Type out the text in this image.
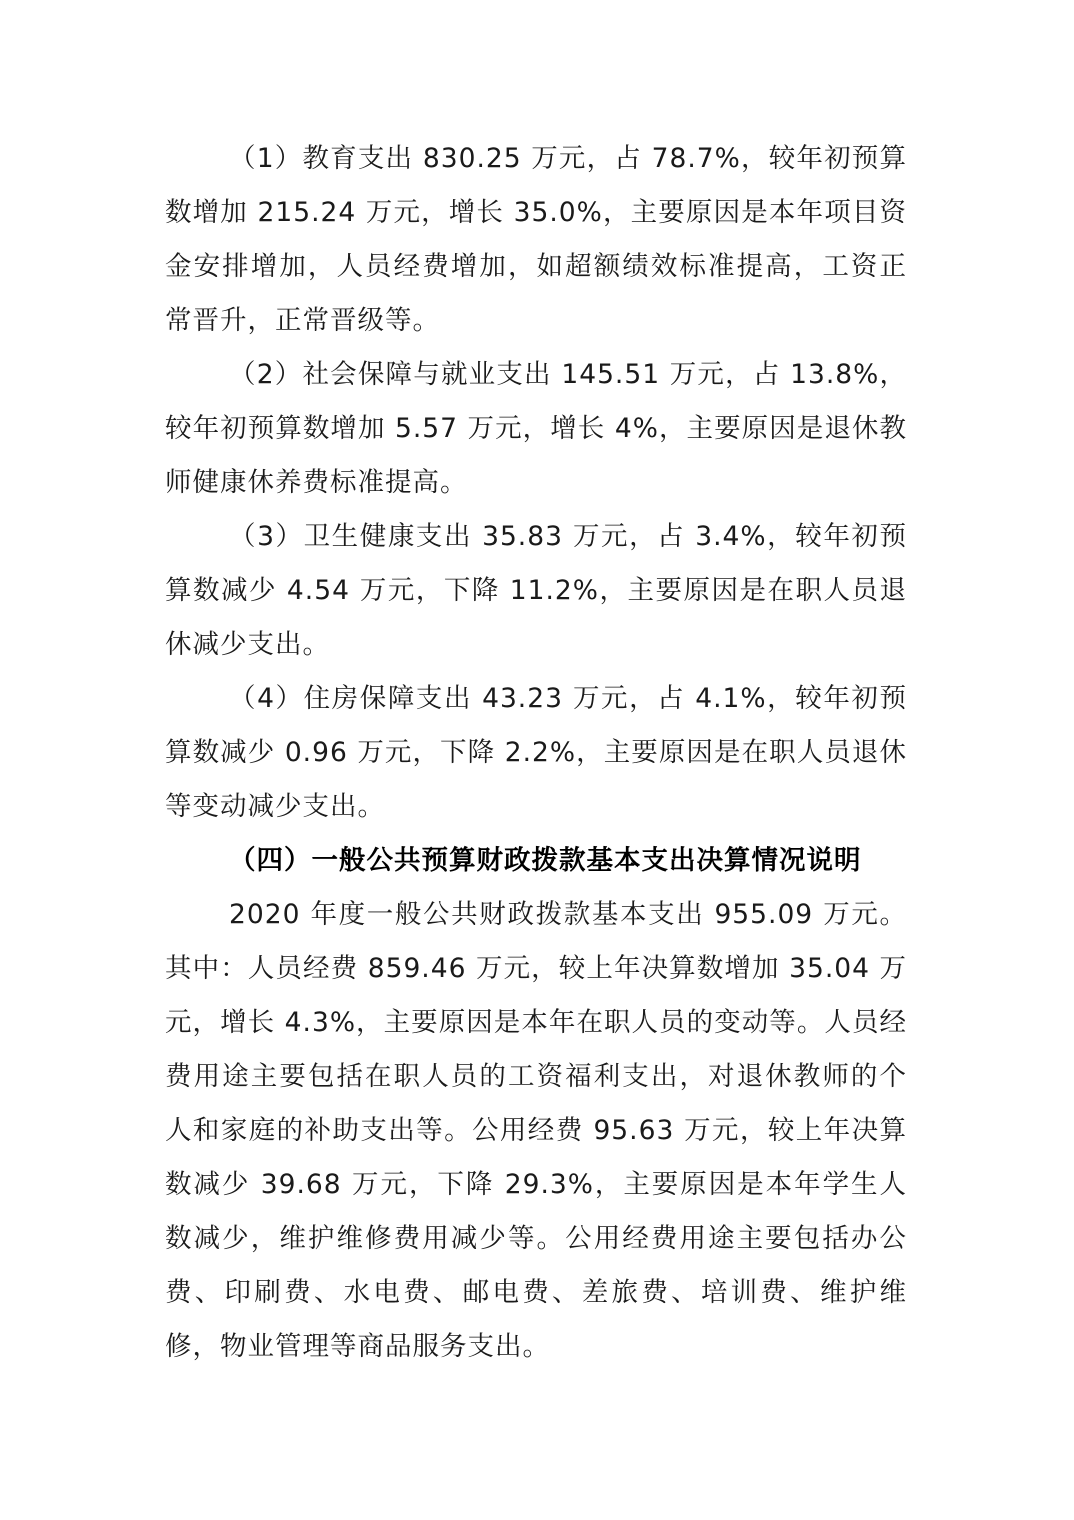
（1）教育支出 830.25 万元，占 78.7%，较年初预算数增加 215.24 万元，增长 35.0%，主要原因是本年项目资金安排增加，人员经费增加，如超额绩效标准提高，工资正常晋升，正常晋级等。

（2）社会保障与就业支出 145.51 万元，占 13.8%，较年初预算数增加 5.57 万元，增长 4%，主要原因是退休教师健康休养费标准提高。

（3）卫生健康支出 35.83 万元，占 3.4%，较年初预算数减少 4.54 万元，下降 11.2%，主要原因是在职人员退休减少支出。

（4）住房保障支出 43.23 万元，占 4.1%，较年初预算数减少 0.96 万元，下降 2.2%，主要原因是在职人员退休等变动减少支出。

（四）一般公共预算财政拨款基本支出决算情况说明

2020 年度一般公共财政拨款基本支出 955.09 万元。其中：人员经费 859.46 万元，较上年决算数增加 35.04 万元，增长 4.3%，主要原因是本年在职人员的变动等。人员经费用途主要包括在职人员的工资福利支出，对退休教师的个人和家庭的补助支出等。公用经费 95.63 万元，较上年决算数减少 39.68 万元，下降 29.3%，主要原因是本年学生人数减少，维护维修费用减少等。公用经费用途主要包括办公费、印刷费、水电费、邮电费、差旅费、培训费、维护维修，物业管理等商品服务支出。
